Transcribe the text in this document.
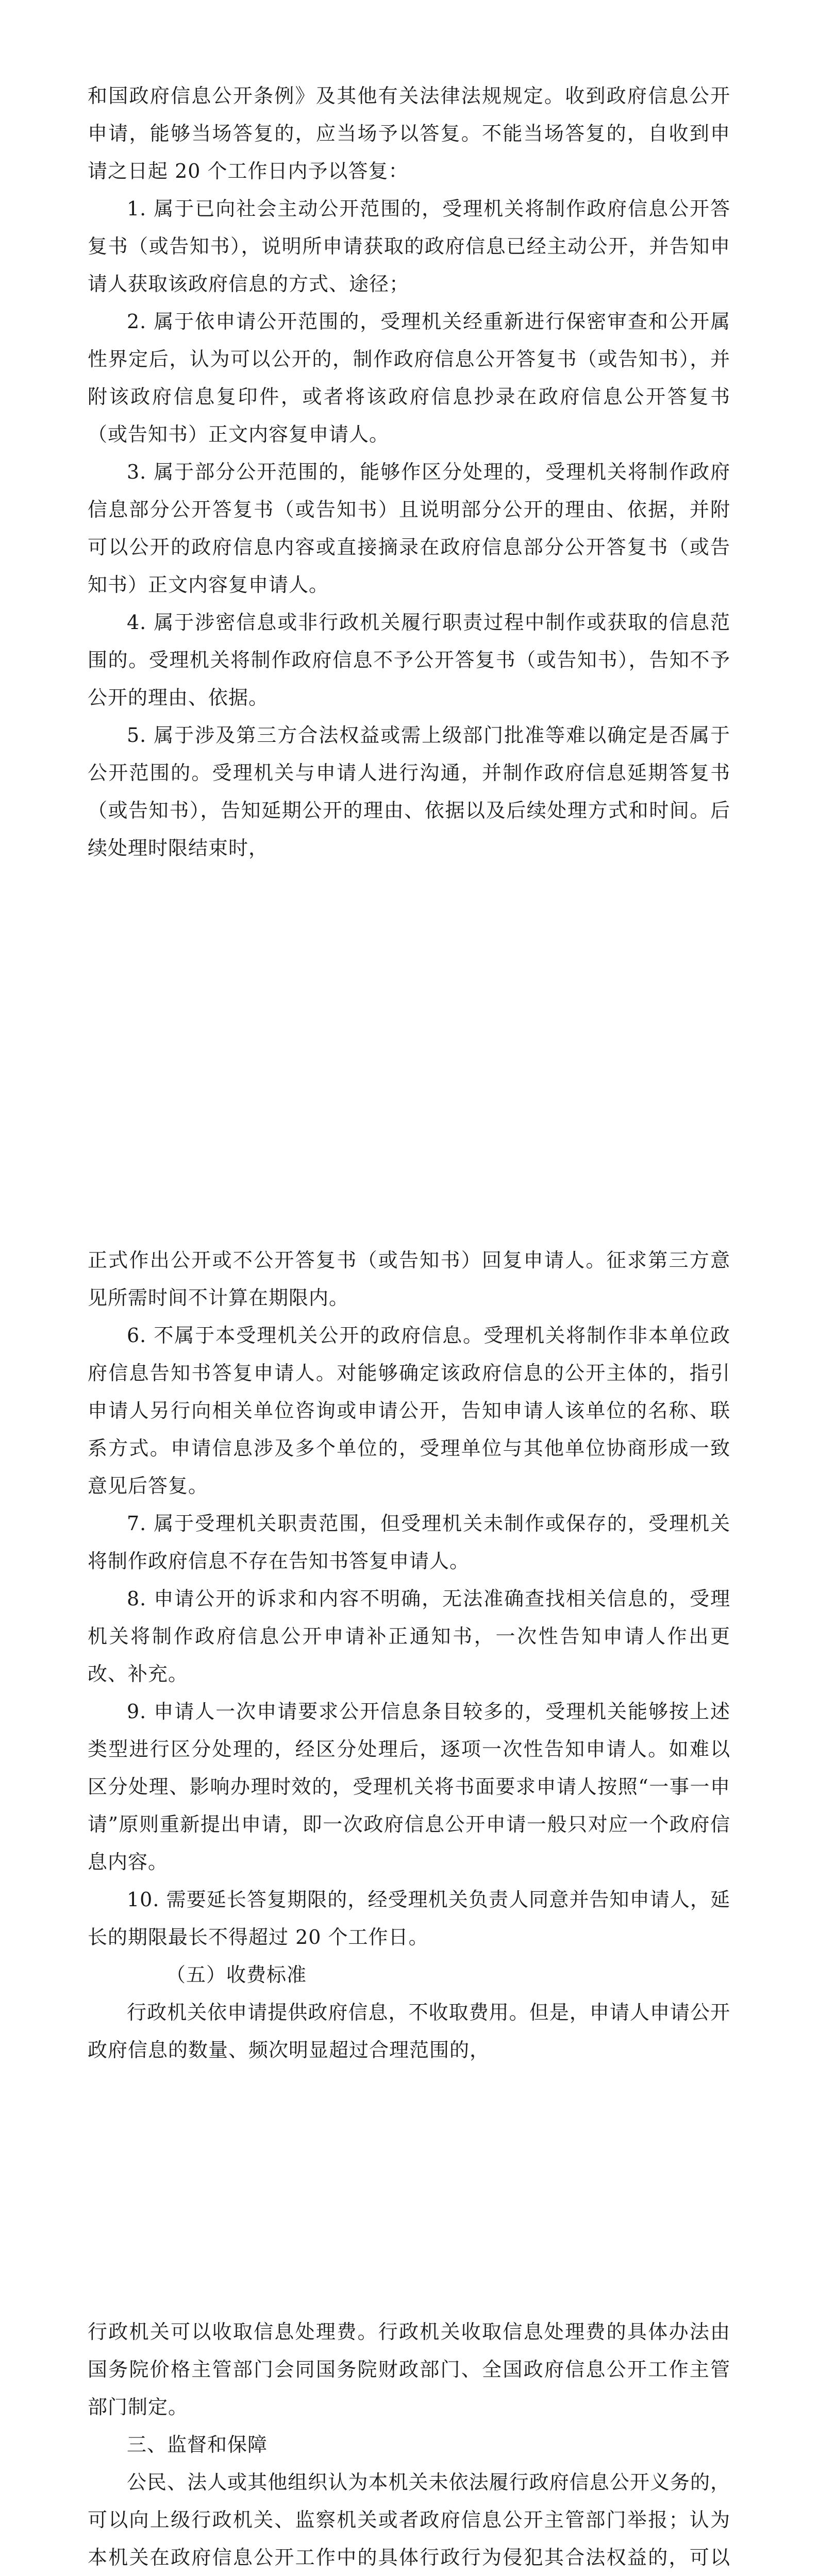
和国政府信息公开条例》及其他有关法律法规规定。收到政府信息公开申请，能够当场答复的，应当场予以答复。不能当场答复的，自收到申请之日起 20 个工作日内予以答复：

1. 属于已向社会主动公开范围的，受理机关将制作政府信息公开答复书（或告知书），说明所申请获取的政府信息已经主动公开，并告知申请人获取该政府信息的方式、途径；

2. 属于依申请公开范围的，受理机关经重新进行保密审查和公开属性界定后，认为可以公开的，制作政府信息公开答复书（或告知书），并附该政府信息复印件，或者将该政府信息抄录在政府信息公开答复书（或告知书）正文内容复申请人。

3. 属于部分公开范围的，能够作区分处理的，受理机关将制作政府信息部分公开答复书（或告知书）且说明部分公开的理由、依据，并附可以公开的政府信息内容或直接摘录在政府信息部分公开答复书（或告知书）正文内容复申请人。

4. 属于涉密信息或非行政机关履行职责过程中制作或获取的信息范围的。受理机关将制作政府信息不予公开答复书（或告知书），告知不予公开的理由、依据。

5. 属于涉及第三方合法权益或需上级部门批准等难以确定是否属于公开范围的。受理机关与申请人进行沟通，并制作政府信息延期答复书（或告知书），告知延期公开的理由、依据以及后续处理方式和时间。后续处理时限结束时，

正式作出公开或不公开答复书（或告知书）回复申请人。征求第三方意见所需时间不计算在期限内。

6. 不属于本受理机关公开的政府信息。受理机关将制作非本单位政府信息告知书答复申请人。对能够确定该政府信息的公开主体的，指引申请人另行向相关单位咨询或申请公开，告知申请人该单位的名称、联系方式。申请信息涉及多个单位的，受理单位与其他单位协商形成一致意见后答复。

7. 属于受理机关职责范围，但受理机关未制作或保存的，受理机关将制作政府信息不存在告知书答复申请人。

8. 申请公开的诉求和内容不明确，无法准确查找相关信息的，受理机关将制作政府信息公开申请补正通知书，一次性告知申请人作出更改、补充。

9. 申请人一次申请要求公开信息条目较多的，受理机关能够按上述类型进行区分处理的，经区分处理后，逐项一次性告知申请人。如难以区分处理、影响办理时效的，受理机关将书面要求申请人按照“一事一申请”原则重新提出申请，即一次政府信息公开申请一般只对应一个政府信息内容。

10. 需要延长答复期限的，经受理机关负责人同意并告知申请人，延长的期限最长不得超过 20 个工作日。

（五）收费标准

行政机关依申请提供政府信息，不收取费用。但是，申请人申请公开政府信息的数量、频次明显超过合理范围的，

行政机关可以收取信息处理费。行政机关收取信息处理费的具体办法由国务院价格主管部门会同国务院财政部门、全国政府信息公开工作主管部门制定。

三、监督和保障

公民、法人或其他组织认为本机关未依法履行政府信息公开义务的，可以向上级行政机关、监察机关或者政府信息公开主管部门举报；认为本机关在政府信息公开工作中的具体行政行为侵犯其合法权益的，可以
